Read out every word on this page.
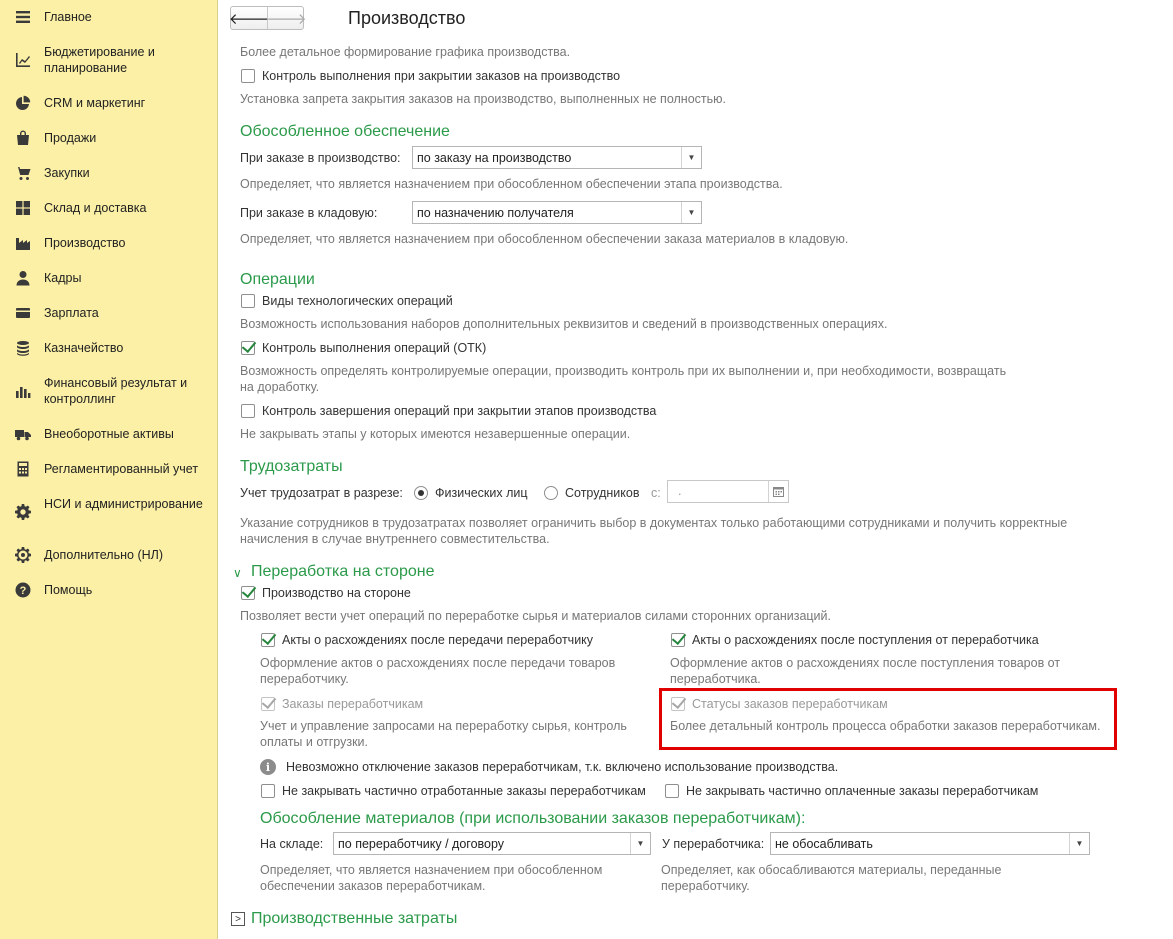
Главное
Бюджетирование и планирование
CRM и маркетинг
Продажи
Закупки
Склад и доставка
Производство
Кадры
Зарплата
Казначейство
Финансовый результат и контроллинг
Внеоборотные активы
Регламентированный учет
НСИ и администрирование
Дополнительно (НЛ)
? Помощь
🡐
🡒 Производство
Более детальное формирование графика производства.
Контроль выполнения при закрытии заказов на производство
Установка запрета закрытия заказов на производство, выполненных не полностью.
Обособленное обеспечение
При заказе в производство:	по заказу на производство	▼
Определяет, что является назначением при обособленном обеспечении этапа производства.
При заказе в кладовую:	по назначению получателя	▼
Определяет, что является назначением при обособленном обеспечении заказа материалов в кладовую.
Операции
Виды технологических операций
Возможность использования наборов дополнительных реквизитов и сведений в производственных операциях.
Контроль выполнения операций (ОТК)
Возможность определять контролируемые операции, производить контроль при их выполнении и, при необходимости, возвращать
на доработку.
Контроль завершения операций при закрытии этапов производства
Не закрывать этапы у которых имеются незавершенные операции.
Трудозатраты
Учет трудозатрат в разрезе:	Физических лиц	Сотрудников с: .
Указание сотрудников в трудозатратах позволяет ограничить выбор в документах только работающими сотрудниками и получить корректные
начисления в случае внутреннего совместительства.
∨ Переработка на стороне
Производство на стороне
Позволяет вести учет операций по переработке сырья и материалов силами сторонних организаций.
Акты о расхождениях после передачи переработчику
Оформление актов о расхождениях после передачи товаров
переработчику.
Акты о расхождениях после поступления от переработчика
Оформление актов о расхождениях после поступления товаров от
переработчика.
Заказы переработчикам
Учет и управление запросами на переработку сырья, контроль
оплаты и отгрузки.
Статусы заказов переработчикам
Более детальный контроль процесса обработки заказов переработчикам.
i	Невозможно отключение заказов переработчикам, т.к. включено использование производства.
Не закрывать частично отработанные заказы переработчикам	Не закрывать частично оплаченные заказы переработчикам
Обособление материалов (при использовании заказов переработчикам):
На складе:	по переработчику / договору	▼	У переработчика: не обосабливать	▼
Определяет, что является назначением при обособленном
обеспечении заказов переработчикам.
Определяет, как обосабливаются материалы, переданные
переработчику.
> Производственные затраты
